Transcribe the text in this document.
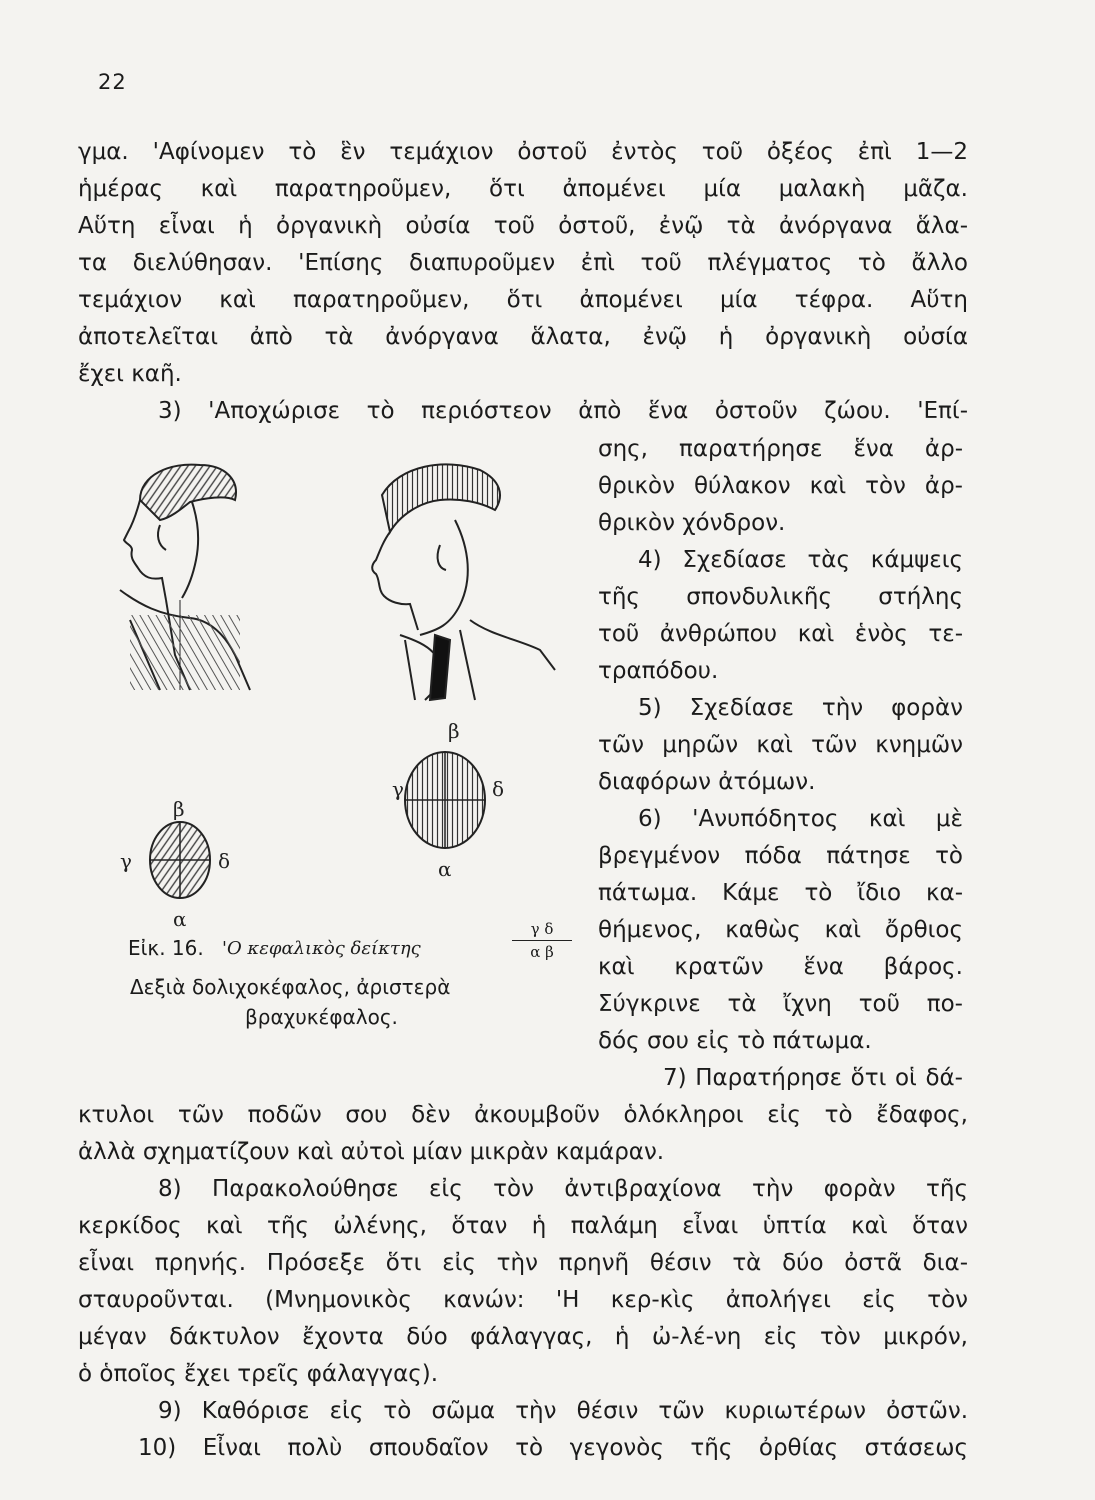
22
γμα. 'Αφίνομεν τὸ ἓν τεμάχιον ὀστοῦ ἐντὸς τοῦ ὀξέος ἐπὶ 1—2
ἡμέρας καὶ παρατηροῦμεν, ὅτι ἀπομένει μία μαλακὴ μᾶζα.
Αὕτη εἶναι ἡ ὀργανικὴ οὐσία τοῦ ὀστοῦ, ἐνῷ τὰ ἀνόργανα ἅλα-
τα διελύθησαν. 'Επίσης διαπυροῦμεν ἐπὶ τοῦ πλέγματος τὸ ἄλλο
τεμάχιον καὶ παρατηροῦμεν, ὅτι ἀπομένει μία τέφρα. Αὕτη
ἀποτελεῖται ἀπὸ τὰ ἀνόργανα ἅλατα, ἐνῷ ἡ ὀργανικὴ οὐσία
ἔχει καῆ.
3) 'Αποχώρισε τὸ περιόστεον ἀπὸ ἕνα ὀστοῦν ζώου. 'Επί-
σης, παρατήρησε ἕνα ἀρ-
θρικὸν θύλακον καὶ τὸν ἀρ-
θρικὸν χόνδρον.
4) Σχεδίασε τὰς κάμψεις
τῆς σπονδυλικῆς στήλης
τοῦ ἀνθρώπου καὶ ἑνὸς τε-
τραπόδου.
5) Σχεδίασε τὴν φορὰν
τῶν μηρῶν καὶ τῶν κνημῶν
διαφόρων ἀτόμων.
6) 'Ανυπόδητος καὶ μὲ
βρεγμένον πόδα πάτησε τὸ
πάτωμα. Κάμε τὸ ἴδιο κα-
θήμενος, καθὼς καὶ ὄρθιος
καὶ κρατῶν ἕνα βάρος.
Σύγκρινε τὰ ἴχνη τοῦ πο-
δός σου εἰς τὸ πάτωμα.
7) Παρατήρησε ὅτι οἱ δά-
κτυλοι τῶν ποδῶν σου δὲν ἀκουμβοῦν ὁλόκληροι εἰς τὸ ἔδαφος,
ἀλλὰ σχηματίζουν καὶ αὐτοὶ μίαν μικρὰν καμάραν.
8) Παρακολούθησε εἰς τὸν ἀντιβραχίονα τὴν φορὰν τῆς
κερκίδος καὶ τῆς ὠλένης, ὅταν ἡ παλάμη εἶναι ὑπτία καὶ ὅταν
εἶναι πρηνής. Πρόσεξε ὅτι εἰς τὴν πρηνῆ θέσιν τὰ δύο ὀστᾶ δια-
σταυροῦνται. (Μνημονικὸς κανών: 'Η κερ-κὶς ἀπολήγει εἰς τὸν
μέγαν δάκτυλον ἔχοντα δύο φάλαγγας, ἡ ὠ-λέ-νη εἰς τὸν μικρόν,
ὁ ὁποῖος ἔχει τρεῖς φάλαγγας).
9) Καθόρισε εἰς τὸ σῶμα τὴν θέσιν τῶν κυριωτέρων ὀστῶν.
10) Εἶναι πολὺ σπουδαῖον τὸ γεγονὸς τῆς ὀρθίας στάσεως
β
γ	δ
α
β
γ	δ
α
Εἰκ. 16. 'Ο κεφαλικὸς δείκτης	$\frac{\text{γ δ}}{\text{α β}}$
Δεξιὰ δολιχοκέφαλος, ἀριστερὰ
βραχυκέφαλος.
